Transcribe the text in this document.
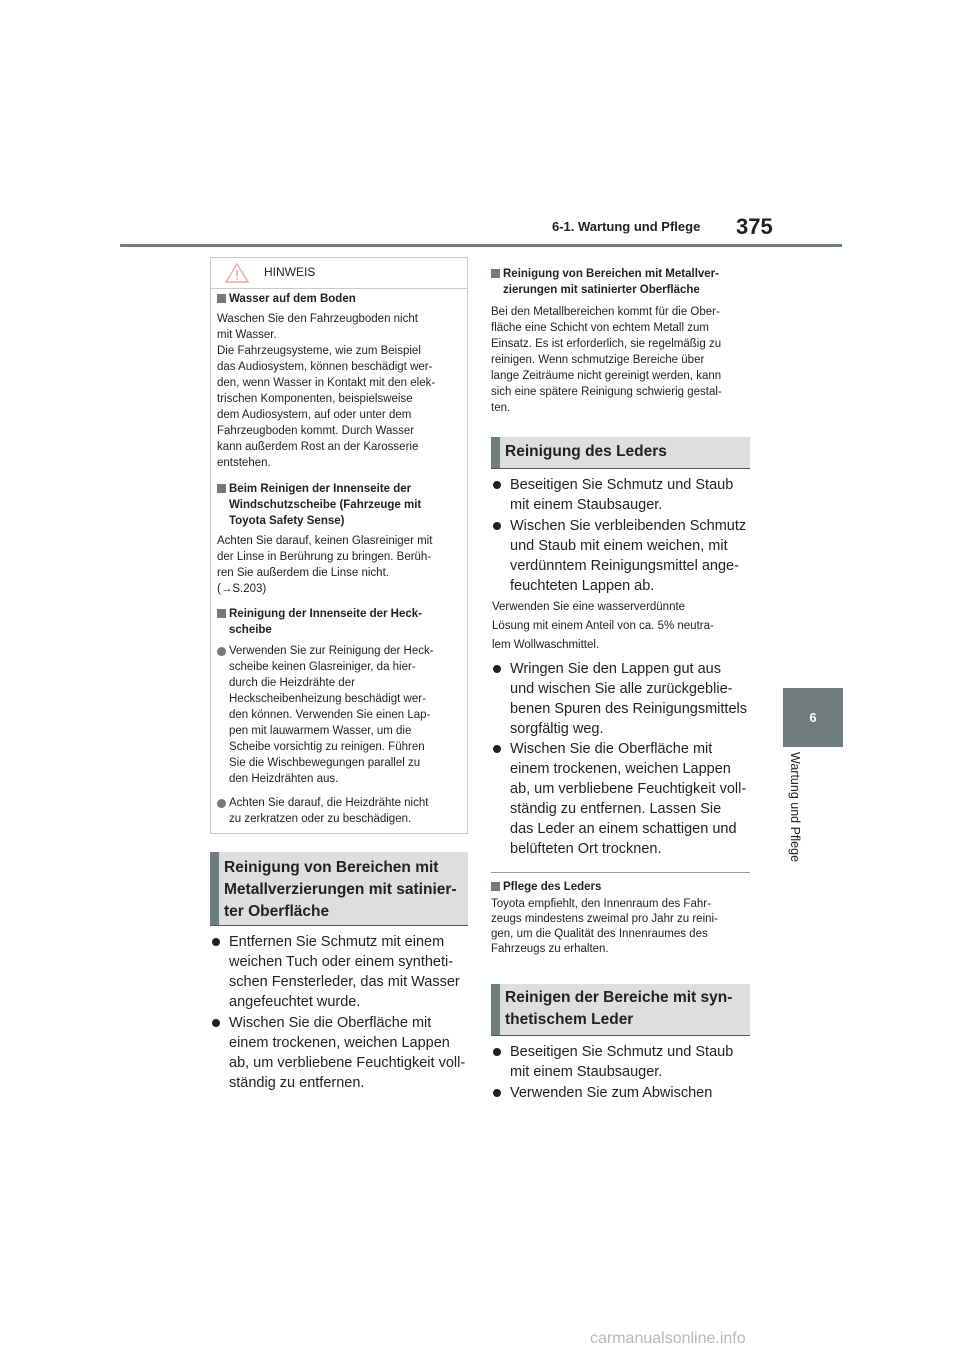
6-1. Wartung und Pflege 375
6
Wartung und Pflege
HINWEIS
Wasser auf dem Boden
Waschen Sie den Fahrzeugboden nicht
mit Wasser.
Die Fahrzeugsysteme, wie zum Beispiel
das Audiosystem, können beschädigt wer-
den, wenn Wasser in Kontakt mit den elek-
trischen Komponenten, beispielsweise
dem Audiosystem, auf oder unter dem
Fahrzeugboden kommt. Durch Wasser
kann außerdem Rost an der Karosserie
entstehen.
Beim Reinigen der Innenseite der
Windschutzscheibe (Fahrzeuge mit
Toyota Safety Sense)
Achten Sie darauf, keinen Glasreiniger mit
der Linse in Berührung zu bringen. Berüh-
ren Sie außerdem die Linse nicht.
(→S.203)
Reinigung der Innenseite der Heck-
scheibe
Verwenden Sie zur Reinigung der Heck-
scheibe keinen Glasreiniger, da hier-
durch die Heizdrähte der
Heckscheibenheizung beschädigt wer-
den können. Verwenden Sie einen Lap-
pen mit lauwarmem Wasser, um die
Scheibe vorsichtig zu reinigen. Führen
Sie die Wischbewegungen parallel zu
den Heizdrähten aus.
Achten Sie darauf, die Heizdrähte nicht
zu zerkratzen oder zu beschädigen.
Reinigung von Bereichen mit
Metallverzierungen mit satinier-
ter Oberfläche
Entfernen Sie Schmutz mit einem
weichen Tuch oder einem syntheti-
schen Fensterleder, das mit Wasser
angefeuchtet wurde.
Wischen Sie die Oberfläche mit
einem trockenen, weichen Lappen
ab, um verbliebene Feuchtigkeit voll-
ständig zu entfernen.
Reinigung von Bereichen mit Metallver-
zierungen mit satinierter Oberfläche
Bei den Metallbereichen kommt für die Ober-
fläche eine Schicht von echtem Metall zum
Einsatz. Es ist erforderlich, sie regelmäßig zu
reinigen. Wenn schmutzige Bereiche über
lange Zeiträume nicht gereinigt werden, kann
sich eine spätere Reinigung schwierig gestal-
ten.
Reinigung des Leders
Beseitigen Sie Schmutz und Staub
mit einem Staubsauger.
Wischen Sie verbleibenden Schmutz
und Staub mit einem weichen, mit
verdünntem Reinigungsmittel ange-
feuchteten Lappen ab.
Verwenden Sie eine wasserverdünnte
Lösung mit einem Anteil von ca. 5% neutra-
lem Wollwaschmittel.
Wringen Sie den Lappen gut aus
und wischen Sie alle zurückgeblie-
benen Spuren des Reinigungsmittels
sorgfältig weg.
Wischen Sie die Oberfläche mit
einem trockenen, weichen Lappen
ab, um verbliebene Feuchtigkeit voll-
ständig zu entfernen. Lassen Sie
das Leder an einem schattigen und
belüfteten Ort trocknen.
Pflege des Leders
Toyota empfiehlt, den Innenraum des Fahr-
zeugs mindestens zweimal pro Jahr zu reini-
gen, um die Qualität des Innenraumes des
Fahrzeugs zu erhalten.
Reinigen der Bereiche mit syn-
thetischem Leder
Beseitigen Sie Schmutz und Staub
mit einem Staubsauger.
Verwenden Sie zum Abwischen
carmanualsonline.info
